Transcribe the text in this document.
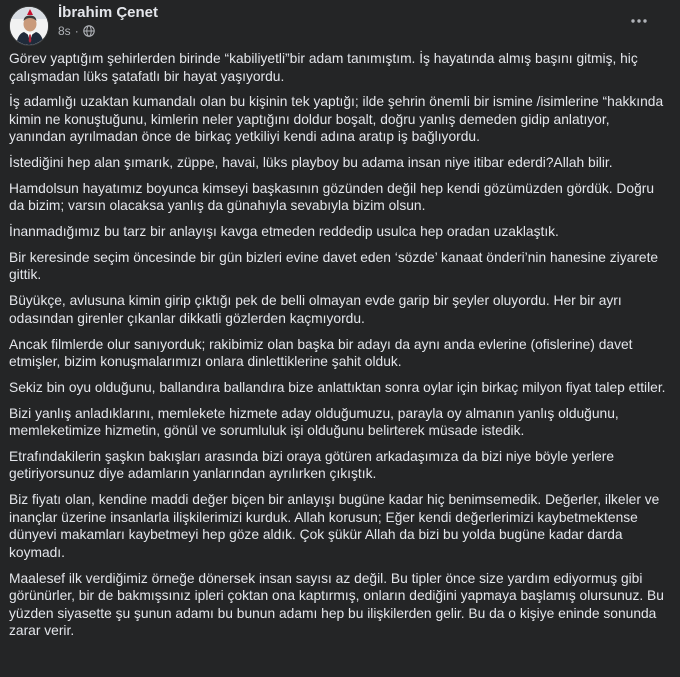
İbrahim Çenet
8s ·

Görev yaptığım şehirlerden birinde “kabiliyetli”bir adam tanımıştım. İş hayatında almış başını gitmiş, hiç çalışmadan lüks şatafatlı bir hayat yaşıyordu.

İş adamlığı uzaktan kumandalı olan bu kişinin tek yaptığı; ilde şehrin önemli bir ismine /isimlerine “hakkında kimin ne konuştuğunu, kimlerin neler yaptığını doldur boşalt, doğru yanlış demeden gidip anlatıyor, yanından ayrılmadan önce de birkaç yetkiliyi kendi adına aratıp iş bağlıyordu.

İstediğini hep alan şımarık, züppe, havai, lüks playboy bu adama insan niye itibar ederdi?Allah bilir.

Hamdolsun hayatımız boyunca kimseyi başkasının gözünden değil hep kendi gözümüzden gördük. Doğru da bizim; varsın olacaksa yanlış da günahıyla sevabıyla bizim olsun.

İnanmadığımız bu tarz bir anlayışı kavga etmeden reddedip usulca hep oradan uzaklaştık.

Bir keresinde seçim öncesinde bir gün bizleri evine davet eden ‘sözde’ kanaat önderi’nin hanesine ziyarete gittik.

Büyükçe, avlusuna kimin girip çıktığı pek de belli olmayan evde garip bir şeyler oluyordu. Her bir ayrı odasından girenler çıkanlar dikkatli gözlerden kaçmıyordu.

Ancak filmlerde olur sanıyorduk; rakibimiz olan başka bir adayı da aynı anda evlerine (ofislerine) davet etmişler, bizim konuşmalarımızı onlara dinlettiklerine şahit olduk.

Sekiz bin oyu olduğunu, ballandıra ballandıra bize anlattıktan sonra oylar için birkaç milyon fiyat talep ettiler.

Bizi yanlış anladıklarını, memlekete hizmete aday olduğumuzu, parayla oy almanın yanlış olduğunu, memleketimize hizmetin, gönül ve sorumluluk işi olduğunu belirterek müsade istedik.

Etrafındakilerin şaşkın bakışları arasında bizi oraya götüren arkadaşımıza da bizi niye böyle yerlere getiriyorsunuz diye adamların yanlarından ayrılırken çıkıştık.

Biz fiyatı olan, kendine maddi değer biçen bir anlayışı bugüne kadar hiç benimsemedik. Değerler, ilkeler ve inançlar üzerine insanlarla ilişkilerimizi kurduk. Allah korusun; Eğer kendi değerlerimizi kaybetmektense dünyevi makamları kaybetmeyi hep göze aldık. Çok şükür Allah da bizi bu yolda bugüne kadar darda koymadı.

Maalesef ilk verdiğimiz örneğe dönersek insan sayısı az değil. Bu tipler önce size yardım ediyormuş gibi görünürler, bir de bakmışsınız ipleri çoktan ona kaptırmış, onların dediğini yapmaya başlamış olursunuz. Bu yüzden siyasette şu şunun adamı bu bunun adamı hep bu ilişkilerden gelir. Bu da o kişiye eninde sonunda zarar verir.
